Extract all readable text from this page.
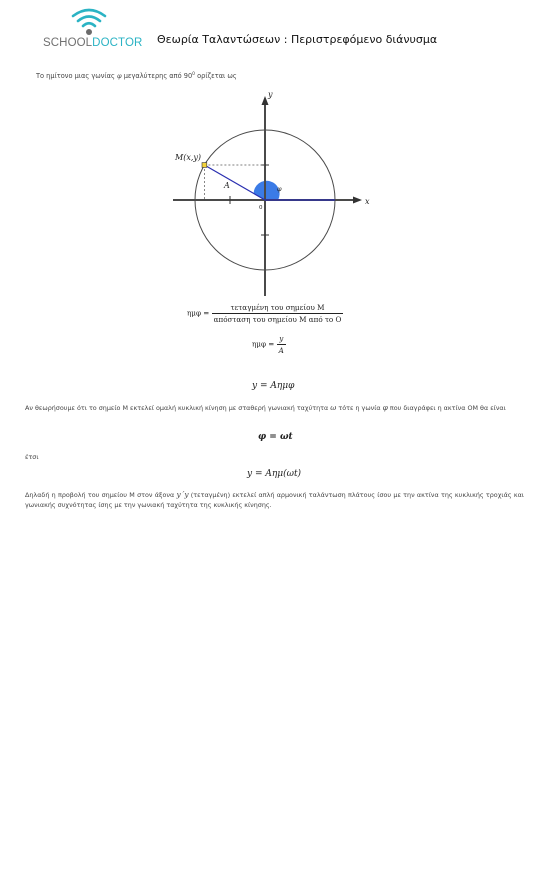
SCHOOLDOCTOR Θεωρία Ταλαντώσεων : Περιστρεφόμενο διάνυσμα
Το ημίτονο μιας γωνίας φ μεγαλύτερης από $90^0$ ορίζεται ως
y
x
M(x,y)
A	φ
0
$\eta\mu\varphi = \frac{\text{τεταγμένη του σημείου M}}{\text{απόσταση του σημείου M από το O}}$
$\eta\mu\varphi = \frac{y}{A}$
y = Aημφ
Αν θεωρήσουμε ότι το σημείο Μ εκτελεί ομαλή κυκλική κίνηση με σταθερή γωνιακή ταχύτητα ω τότε η γωνία φ που διαγράφει η ακτίνα ΟΜ θα είναι
φ = ωt
έτσι
y = Aημ(ωt)
Δηλαδή η προβολή του σημείου Μ στον άξονα y΄y (τεταγμένη) εκτελεί απλή αρμονική ταλάντωση πλάτους ίσου με την ακτίνα της κυκλικής τροχιάς και γωνιακής συχνότητας ίσης με την γωνιακή ταχύτητα της κυκλικής κίνησης.
